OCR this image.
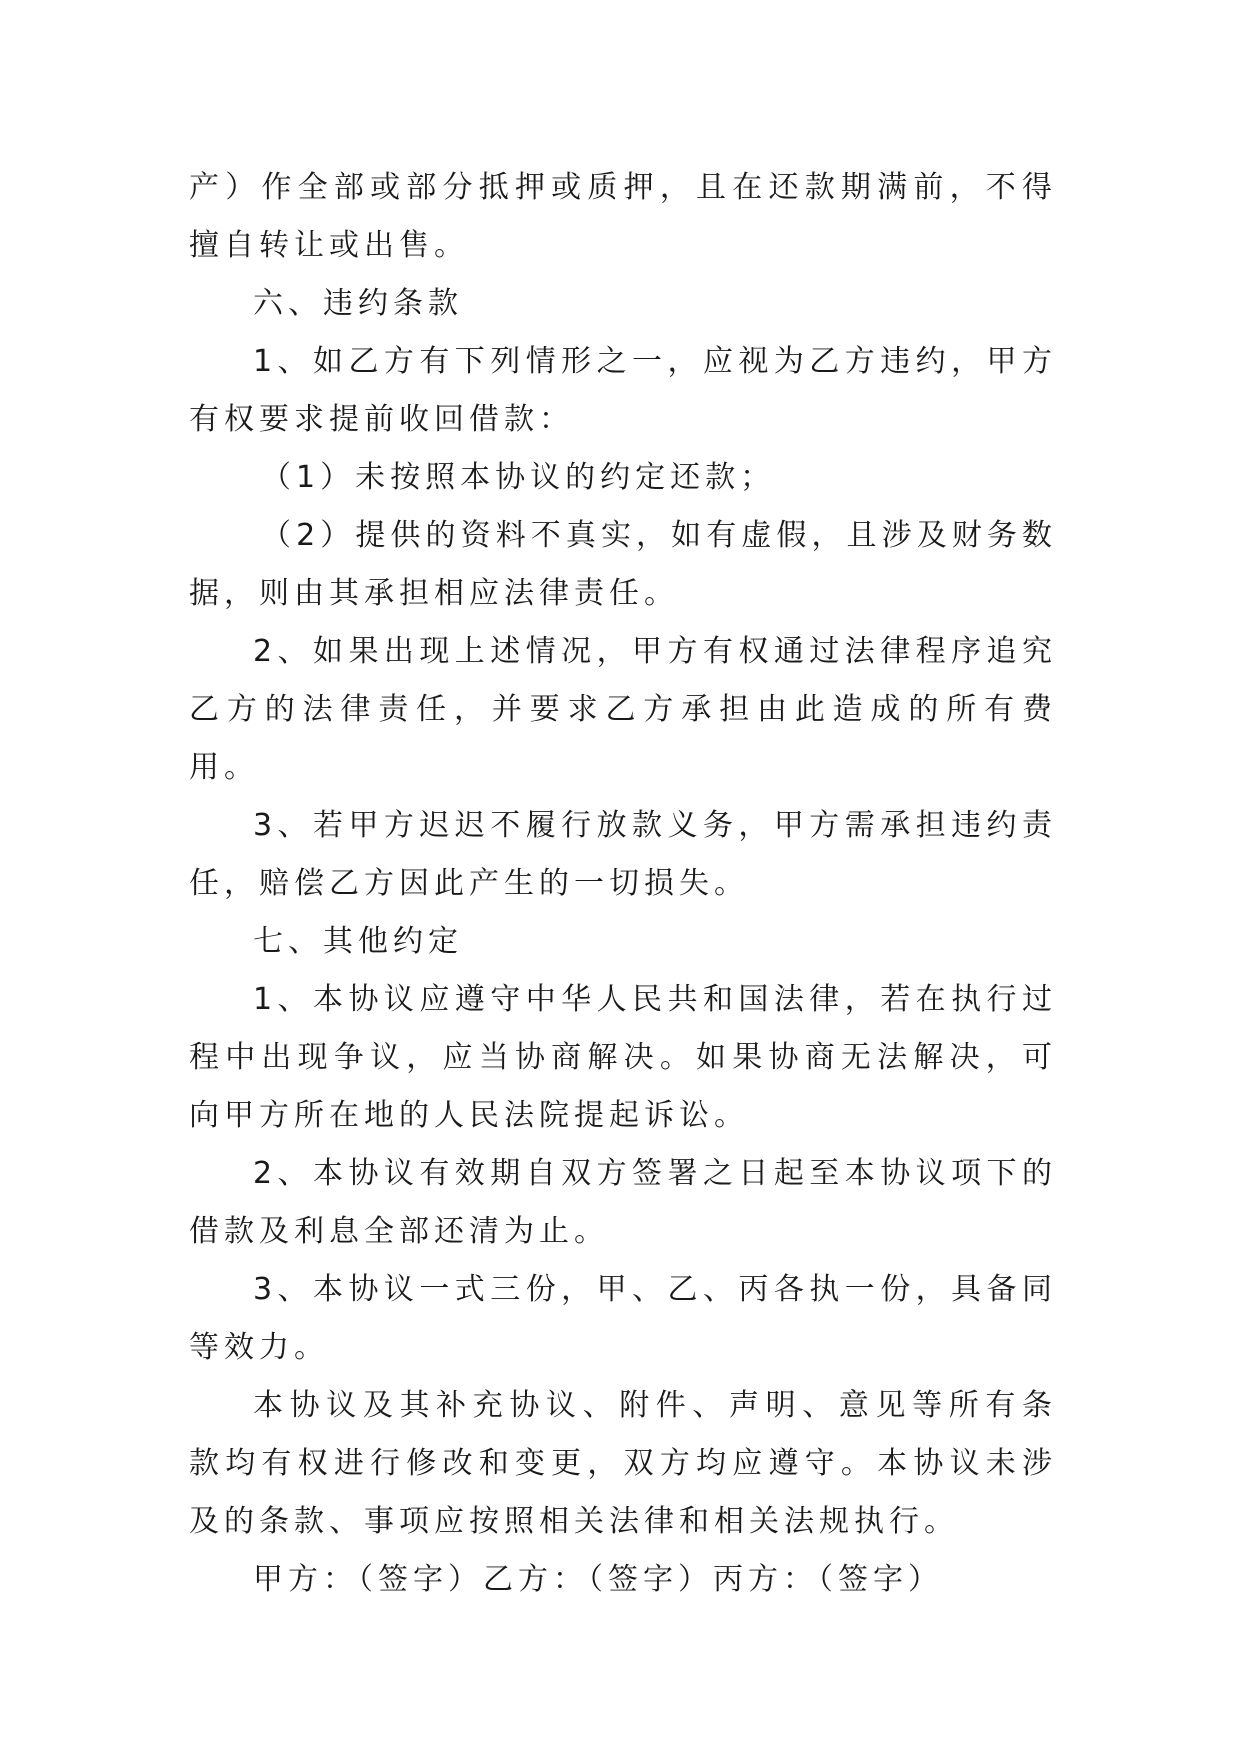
产）作全部或部分抵押或质押，且在还款期满前，不得擅自转让或出售。

六、违约条款

1、如乙方有下列情形之一，应视为乙方违约，甲方有权要求提前收回借款：

（1）未按照本协议的约定还款；

（2）提供的资料不真实，如有虚假，且涉及财务数据，则由其承担相应法律责任。

2、如果出现上述情况，甲方有权通过法律程序追究乙方的法律责任，并要求乙方承担由此造成的所有费用。

3、若甲方迟迟不履行放款义务，甲方需承担违约责任，赔偿乙方因此产生的一切损失。

七、其他约定

1、本协议应遵守中华人民共和国法律，若在执行过程中出现争议，应当协商解决。如果协商无法解决，可向甲方所在地的人民法院提起诉讼。

2、本协议有效期自双方签署之日起至本协议项下的借款及利息全部还清为止。

3、本协议一式三份，甲、乙、丙各执一份，具备同等效力。

本协议及其补充协议、附件、声明、意见等所有条款均有权进行修改和变更，双方均应遵守。本协议未涉及的条款、事项应按照相关法律和相关法规执行。

甲方：（签字）乙方：（签字）丙方：（签字）
